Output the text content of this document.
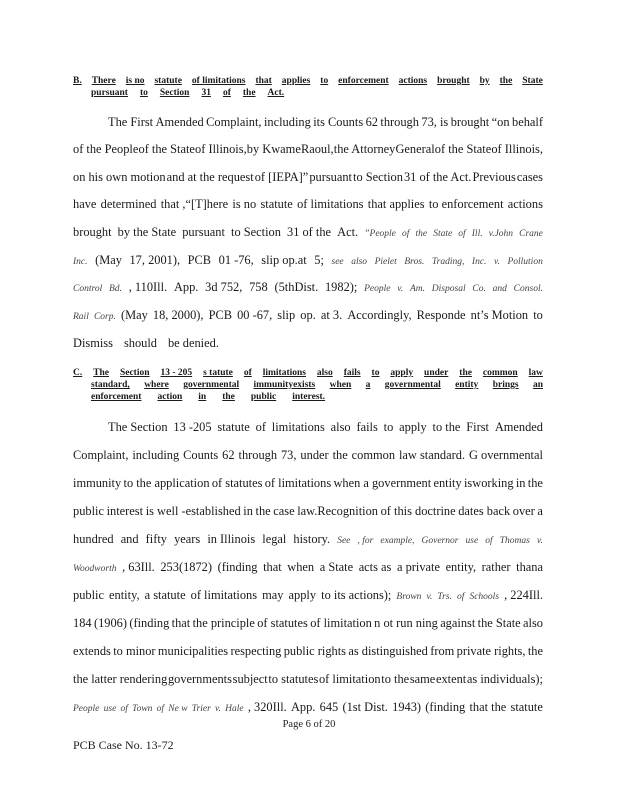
B. There is no statute of limitations that applies to enforcement actions brought by the State
pursuant to Section 31 of the Act.
The First Amended Complaint, including its Counts 62 through 73, is brought “on behalf
of the People of the State of Illinois, by Kwame Raoul, the Attorney General of the State of Illinois,
on his own motion and at the request of [IEPA]” pursuant to Section 31 of the Act. Previous cases
have determined that ,“[T]here is no statute of limitations that applies to enforcement actions
brought by the State pursuant to Section 31 of the Act. ”People of the State of Ill. v.John Crane
Inc. (May 17, 2001), PCB 01 -76, slip op.at 5; see also Pielet Bros. Trading, Inc. v. Pollution
Control Bd. , 110Ill. App. 3d 752, 758 (5thDist. 1982); People v. Am. Disposal Co. and Consol.
Rail Corp. (May 18, 2000), PCB 00 -67, slip op. at 3. Accordingly, Responde nt’s Motion to
Dismiss should be denied.
C. The Section 13 - 205 s tatute of limitations also fails to apply under the common law
standard, where governmental immunityexists when a governmental entity brings an
enforcement action in the public interest.
The Section 13 -205 statute of limitations also fails to apply to the First Amended
Complaint, including Counts 62 through 73, under the common law standard. G overnmental
immunity to the application of statutes of limitations when a government entity isworking in the
public interest is well -established in the case law.Recognition of this doctrine dates back over a
hundred and fifty years in Illinois legal history. See , for example, Governor use of Thomas v.
Woodworth , 63Ill. 253(1872) (finding that when a State acts as a private entity, rather thana
public entity, a statute of limitations may apply to its actions); Brown v. Trs. of Schools , 224Ill.
184 (1906) (finding that the principle of statutes of limitation n ot run ning against the State also
extends to minor municipalities respecting public rights as distinguished from private rights, the
the latter rendering governments subject to statutes of limitation to the same extent as individuals);
People use of Town of Ne w Trier v. Hale , 320Ill. App. 645 (1st Dist. 1943) (finding that the statute
Page 6 of 20
PCB Case No. 13-72
